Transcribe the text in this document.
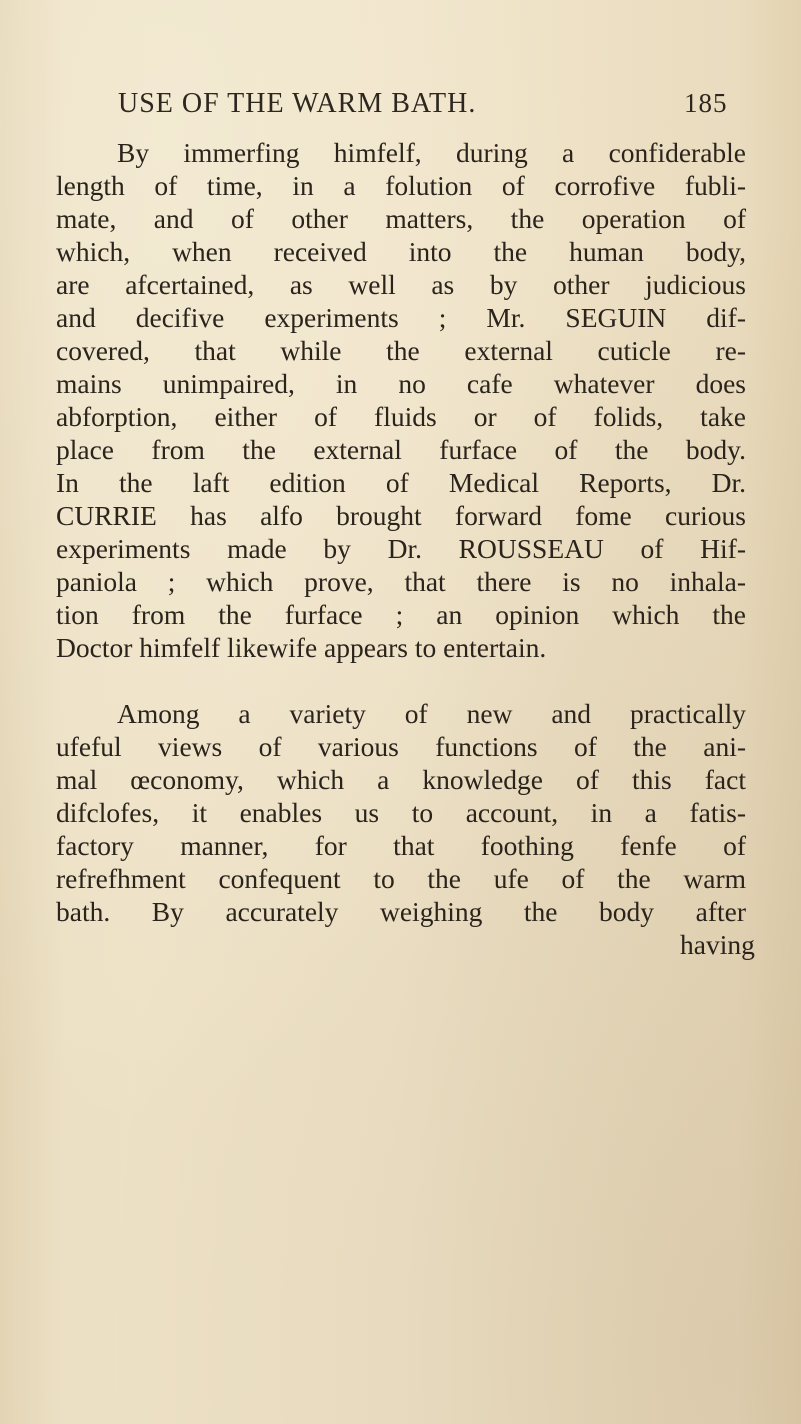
USE OF THE WARM BATH.	185
By immerfing himfelf, during a confiderable
length of time, in a folution of corrofive fubli-
mate, and of other matters, the operation of
which, when received into the human body,
are afcertained, as well as by other judicious
and decifive experiments ; Mr. SEGUIN dif-
covered, that while the external cuticle re-
mains unimpaired, in no cafe whatever does
abforption, either of fluids or of folids, take
place from the external furface of the body.
In the laft edition of Medical Reports, Dr.
CURRIE has alfo brought forward fome curious
experiments made by Dr. ROUSSEAU of Hif-
paniola ; which prove, that there is no inhala-
tion from the furface ; an opinion which the
Doctor himfelf likewife appears to entertain.
Among a variety of new and practically
ufeful views of various functions of the ani-
mal œconomy, which a knowledge of this fact
difclofes, it enables us to account, in a fatis-
factory manner, for that foothing fenfe of
refrefhment confequent to the ufe of the warm
bath. By accurately weighing the body after
having
